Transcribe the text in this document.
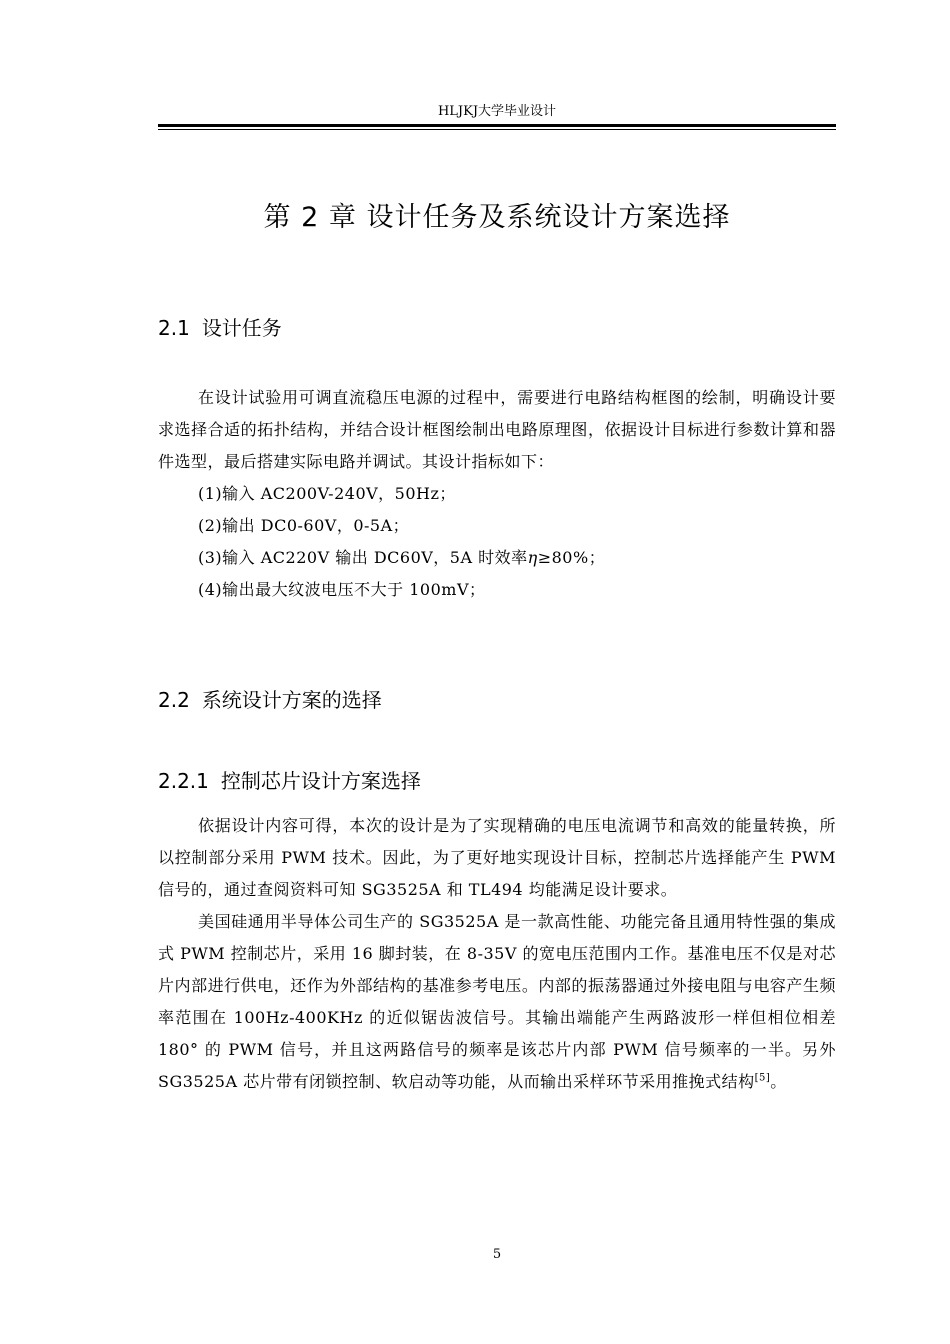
HLJKJ大学毕业设计
第 2 章 设计任务及系统设计方案选择
2.1 设计任务

在设计试验用可调直流稳压电源的过程中，需要进行电路结构框图的绘制，明确设计要求选择合适的拓扑结构，并结合设计框图绘制出电路原理图，依据设计目标进行参数计算和器件选型，最后搭建实际电路并调试。其设计指标如下：

(1)输入 AC200V-240V，50Hz；

(2)输出 DC0-60V，0-5A；

(3)输入 AC220V 输出 DC60V，5A 时效率η≥80%；

(4)输出最大纹波电压不大于 100mV；

2.2 系统设计方案的选择
2.2.1 控制芯片设计方案选择

依据设计内容可得，本次的设计是为了实现精确的电压电流调节和高效的能量转换，所以控制部分采用 PWM 技术。因此，为了更好地实现设计目标，控制芯片选择能产生 PWM 信号的，通过查阅资料可知 SG3525A 和 TL494 均能满足设计要求。

美国硅通用半导体公司生产的 SG3525A 是一款高性能、功能完备且通用特性强的集成式 PWM 控制芯片，采用 16 脚封装，在 8-35V 的宽电压范围内工作。基准电压不仅是对芯片内部进行供电，还作为外部结构的基准参考电压。内部的振荡器通过外接电阻与电容产生频率范围在 100Hz-400KHz 的近似锯齿波信号。其输出端能产生两路波形一样但相位相差 180° 的 PWM 信号，并且这两路信号的频率是该芯片内部 PWM 信号频率的一半。另外 SG3525A 芯片带有闭锁控制、软启动等功能，从而输出采样环节采用推挽式结构[5]。

5
